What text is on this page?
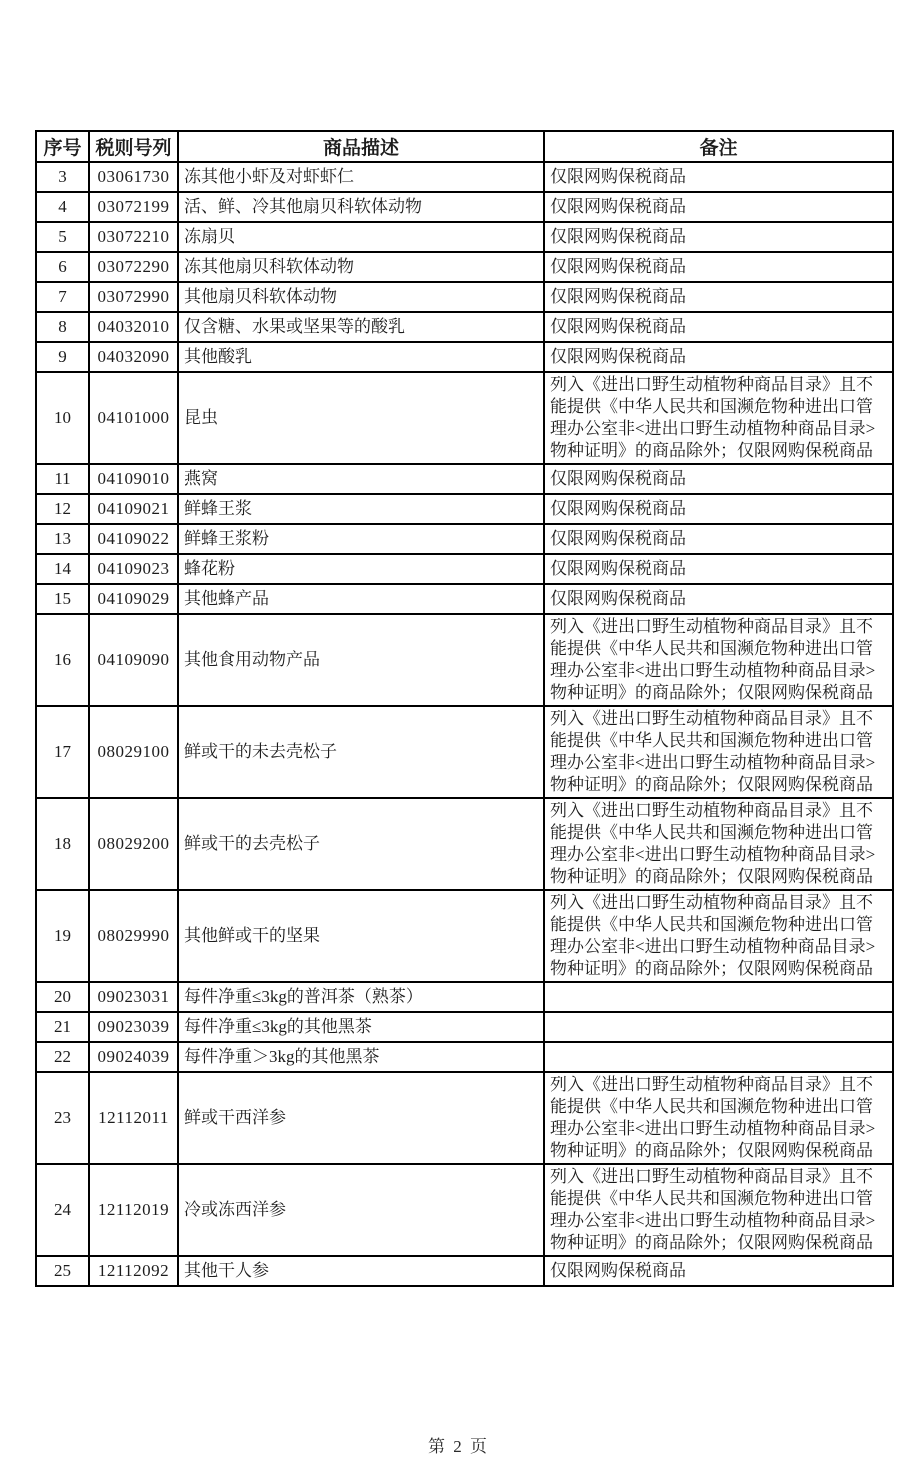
序号	税则号列	商品描述	备注
3	03061730	冻其他小虾及对虾虾仁	仅限网购保税商品
4	03072199	活、鲜、冷其他扇贝科软体动物	仅限网购保税商品
5	03072210	冻扇贝	仅限网购保税商品
6	03072290	冻其他扇贝科软体动物	仅限网购保税商品
7	03072990	其他扇贝科软体动物	仅限网购保税商品
8	04032010	仅含糖、水果或坚果等的酸乳	仅限网购保税商品
9	04032090	其他酸乳	仅限网购保税商品
10	04101000	昆虫	列入《进出口野生动植物种商品目录》且不能提供《中华人民共和国濒危物种进出口管理办公室非<进出口野生动植物种商品目录>物种证明》的商品除外；仅限网购保税商品
11	04109010	燕窝	仅限网购保税商品
12	04109021	鲜蜂王浆	仅限网购保税商品
13	04109022	鲜蜂王浆粉	仅限网购保税商品
14	04109023	蜂花粉	仅限网购保税商品
15	04109029	其他蜂产品	仅限网购保税商品
16	04109090	其他食用动物产品	列入《进出口野生动植物种商品目录》且不能提供《中华人民共和国濒危物种进出口管理办公室非<进出口野生动植物种商品目录>物种证明》的商品除外；仅限网购保税商品
17	08029100	鲜或干的未去壳松子	列入《进出口野生动植物种商品目录》且不能提供《中华人民共和国濒危物种进出口管理办公室非<进出口野生动植物种商品目录>物种证明》的商品除外；仅限网购保税商品
18	08029200	鲜或干的去壳松子	列入《进出口野生动植物种商品目录》且不能提供《中华人民共和国濒危物种进出口管理办公室非<进出口野生动植物种商品目录>物种证明》的商品除外；仅限网购保税商品
19	08029990	其他鲜或干的坚果	列入《进出口野生动植物种商品目录》且不能提供《中华人民共和国濒危物种进出口管理办公室非<进出口野生动植物种商品目录>物种证明》的商品除外；仅限网购保税商品
20	09023031	每件净重≤3kg的普洱茶（熟茶）	
21	09023039	每件净重≤3kg的其他黑茶	
22	09024039	每件净重＞3kg的其他黑茶	
23	12112011	鲜或干西洋参	列入《进出口野生动植物种商品目录》且不能提供《中华人民共和国濒危物种进出口管理办公室非<进出口野生动植物种商品目录>物种证明》的商品除外；仅限网购保税商品
24	12112019	冷或冻西洋参	列入《进出口野生动植物种商品目录》且不能提供《中华人民共和国濒危物种进出口管理办公室非<进出口野生动植物种商品目录>物种证明》的商品除外；仅限网购保税商品
25	12112092	其他干人参	仅限网购保税商品
第 2 页
